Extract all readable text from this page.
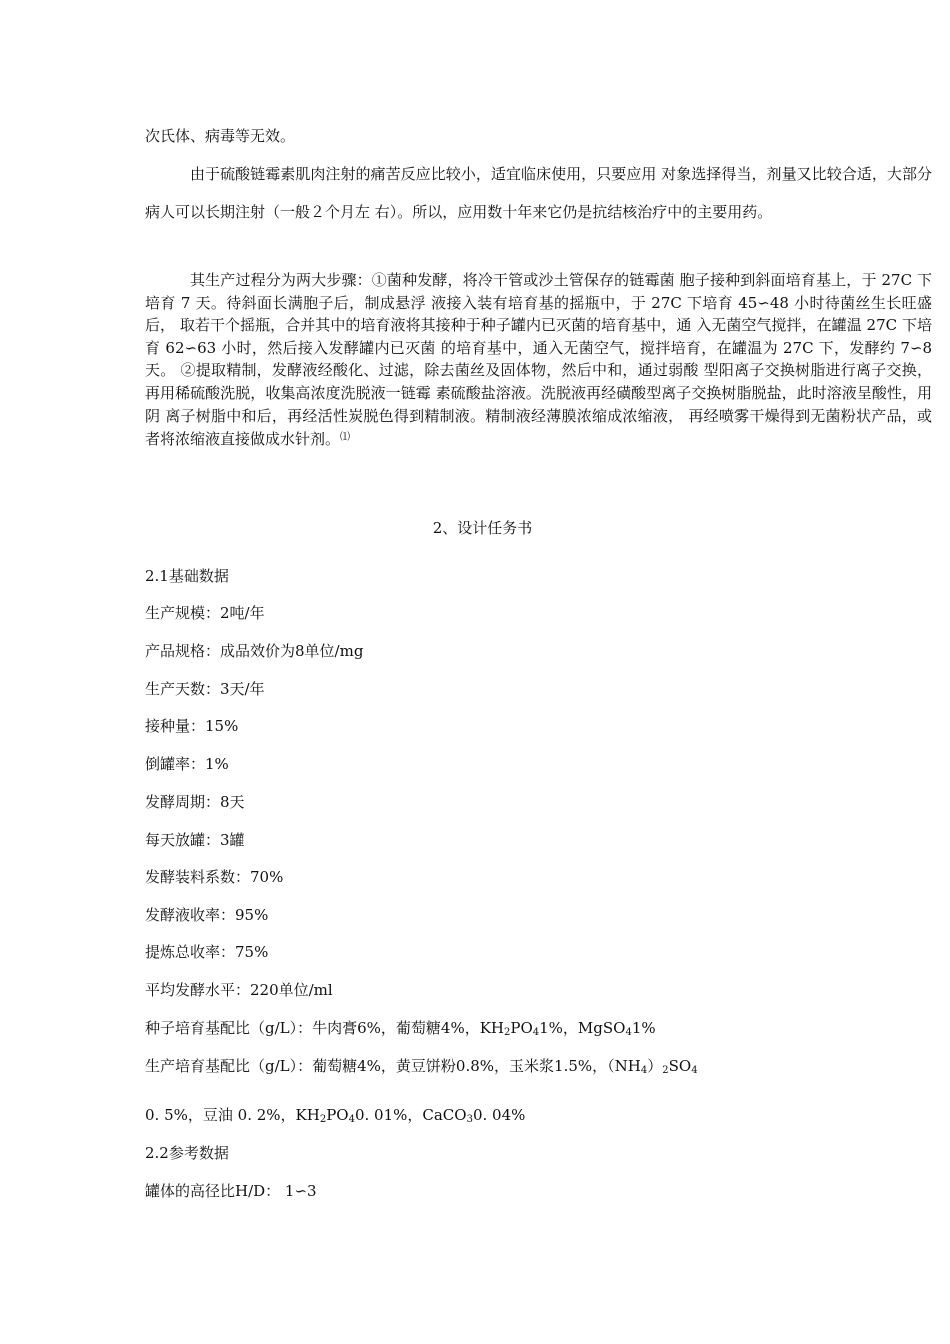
次氏体、病毒等无效。

由于硫酸链霉素肌肉注射的痛苦反应比较小，适宜临床使用，只要应用 对象选择得当，剂量又比较合适，大部分病人可以长期注射（一般２个月左 右）。所以，应用数十年来它仍是抗结核治疗中的主要用药。

其生产过程分为两大步骤：①菌种发酵，将冷干管或沙土管保存的链霉菌 胞子接种到斜面培育基上，于 27C 下培育 7 天。待斜面长满胞子后，制成悬浮 液接入装有培育基的摇瓶中，于 27C 下培育 45∽48 小时待菌丝生长旺盛后， 取若干个摇瓶，合并其中的培育液将其接种于种子罐内已灭菌的培育基中，通 入无菌空气搅拌，在罐温 27C 下培育 62∽63 小时，然后接入发酵罐内已灭菌 的培育基中，通入无菌空气，搅拌培育，在罐温为 27C 下，发酵约 7∽8 天。 ②提取精制，发酵液经酸化、过滤，除去菌丝及固体物，然后中和，通过弱酸 型阳离子交换树脂进行离子交换，再用稀硫酸洗脱，收集高浓度洗脱液一链霉 素硫酸盐溶液。洗脱液再经磺酸型离子交换树脂脱盐，此时溶液呈酸性，用阴 离子树脂中和后，再经活性炭脱色得到精制液。精制液经薄膜浓缩成浓缩液， 再经喷雾干燥得到无菌粉状产品，或者将浓缩液直接做成水针剂。⑴

2、设计任务书
2.1基础数据
生产规模：2吨/年
产品规格：成品效价为8单位/mg
生产天数：3天/年
接种量：15%
倒罐率：1%
发酵周期：8天
每天放罐：3罐
发酵装料系数：70%
发酵液收率：95%
提炼总收率：75%
平均发酵水平：220单位/ml
种子培育基配比（g/L）：牛肉膏6%，葡萄糖4%，$KH_2PO_41\%$，MgSO$_4$1%
生产培育基配比（g/L）：葡萄糖4%，黄豆饼粉0.8%，玉米浆1.5%，$(NH_4)_2SO_4$
0. 5%，豆油 0. 2%，$KH_2PO_40$. 01%，CaCO$_3$0. 04%
2.2参考数据
罐体的高径比H/D： 1∽3
